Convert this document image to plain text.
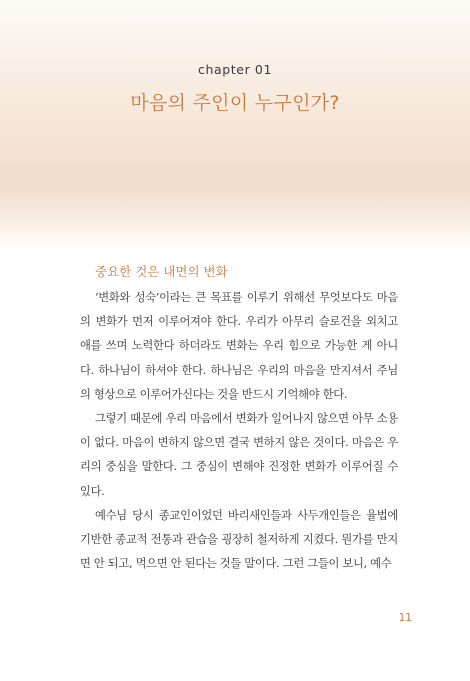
chapter 01
마음의 주인이 누구인가?
중요한 것은 내면의 변화

‘변화와 성숙’이라는 큰 목표를 이루기 위해선 무엇보다도 마음의 변화가 먼저 이루어져야 한다. 우리가 아무리 슬로건을 외치고 애를 쓰며 노력한다 하더라도 변화는 우리 힘으로 가능한 게 아니다. 하나님이 하셔야 한다. 하나님은 우리의 마음을 만지셔서 주님의 형상으로 이루어가신다는 것을 반드시 기억해야 한다.

그렇기 때문에 우리 마음에서 변화가 일어나지 않으면 아무 소용이 없다. 마음이 변하지 않으면 결국 변하지 않은 것이다. 마음은 우리의 중심을 말한다. 그 중심이 변해야 진정한 변화가 이루어질 수 있다.

예수님 당시 종교인이었던 바리새인들과 사두개인들은 율법에 기반한 종교적 전통과 관습을 굉장히 철저하게 지켰다. 뭔가를 만지면 안 되고, 먹으면 안 된다는 것들 말이다. 그런 그들이 보니, 예수

11
